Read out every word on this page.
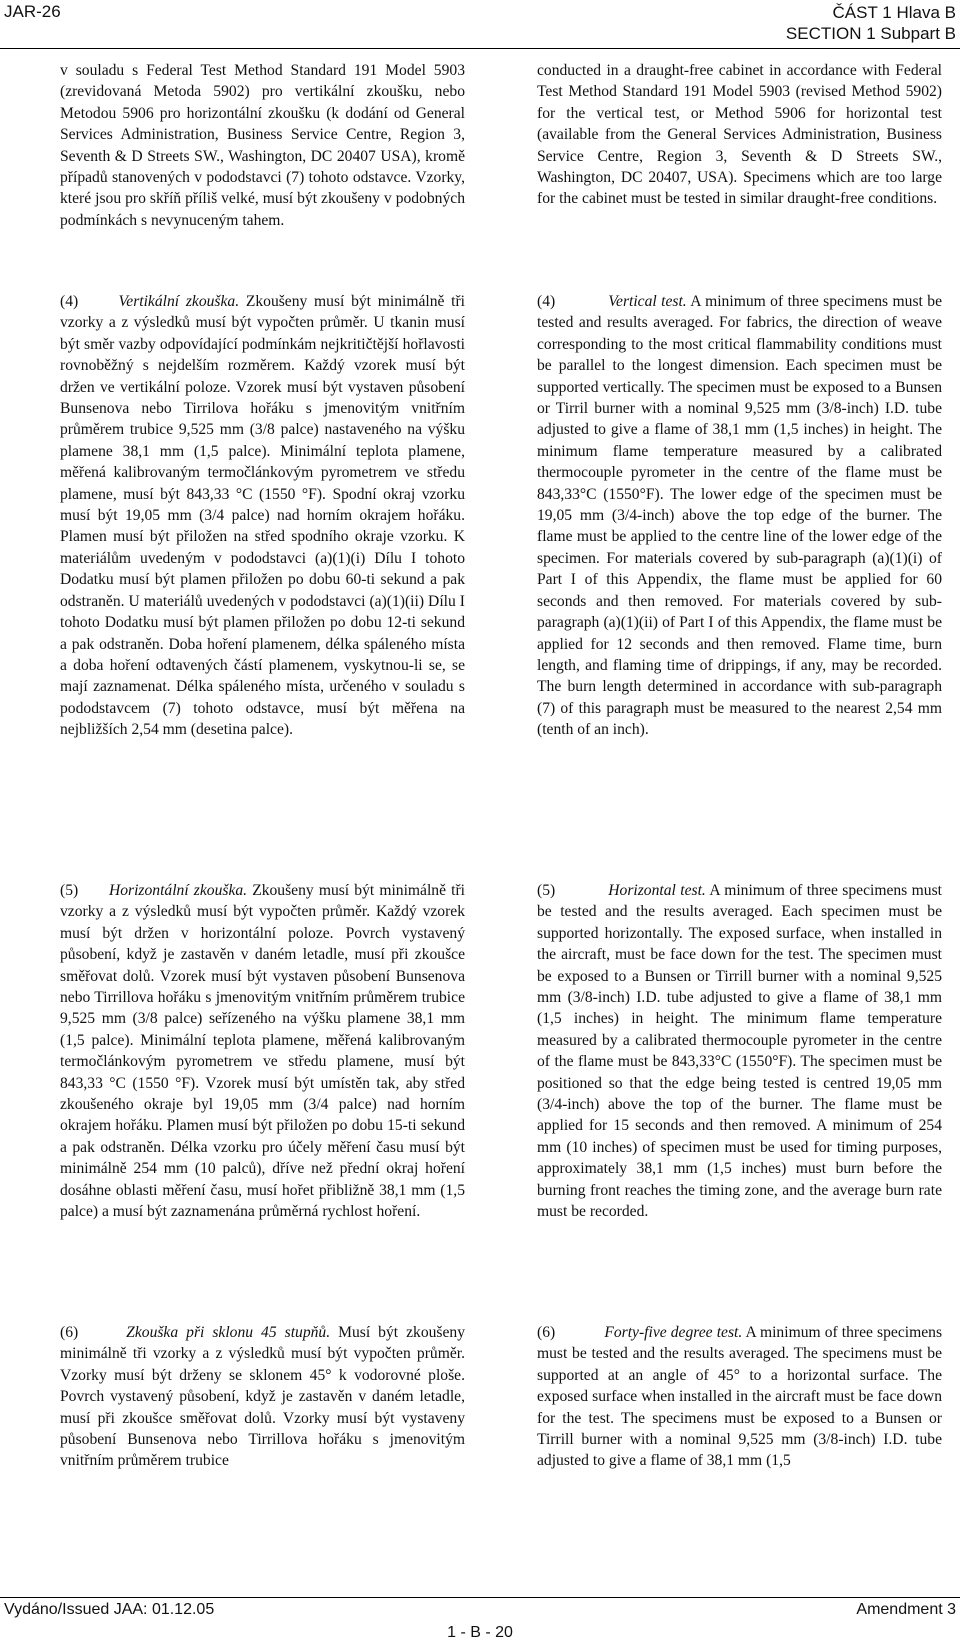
JAR-26	ČÁST 1 Hlava B
SECTION 1 Subpart B

v souladu s Federal Test Method Standard 191 Model 5903 (zrevidovaná Metoda 5902) pro vertikální zkoušku, nebo Metodou 5906 pro horizontální zkoušku (k dodání od General Services Administration, Business Service Centre, Region 3, Seventh & D Streets SW., Washington, DC 20407 USA), kromě případů stanovených v pododstavci (7) tohoto odstavce. Vzorky, které jsou pro skříň příliš velké, musí být zkoušeny v podobných podmínkách s nevynuceným tahem.

(4)	Vertikální zkouška. Zkoušeny musí být minimálně tři vzorky a z výsledků musí být vypočten průměr. U tkanin musí být směr vazby odpovídající podmínkám nejkritičtější hořlavosti rovnoběžný s nejdelším rozměrem. Každý vzorek musí být držen ve vertikální poloze. Vzorek musí být vystaven působení Bunsenova nebo Tirrilova hořáku s jmenovitým vnitřním průměrem trubice 9,525 mm (3/8 palce) nastaveného na výšku plamene 38,1 mm (1,5 palce). Minimální teplota plamene, měřená kalibrovaným termočlánkovým pyrometrem ve středu plamene, musí být 843,33 °C (1550 °F). Spodní okraj vzorku musí být 19,05 mm (3/4 palce) nad horním okrajem hořáku. Plamen musí být přiložen na střed spodního okraje vzorku. K materiálům uvedeným v pododstavci (a)(1)(i) Dílu I tohoto Dodatku musí být plamen přiložen po dobu 60-ti sekund a pak odstraněn. U materiálů uvedených v pododstavci (a)(1)(ii) Dílu I tohoto Dodatku musí být plamen přiložen po dobu 12-ti sekund a pak odstraněn. Doba hoření plamenem, délka spáleného místa a doba hoření odtavených částí plamenem, vyskytnou-li se, se mají zaznamenat. Délka spáleného místa, určeného v souladu s pododstavcem (7) tohoto odstavce, musí být měřena na nejbližších 2,54 mm (desetina palce).

(5) Horizontální zkouška. Zkoušeny musí být minimálně tři vzorky a z výsledků musí být vypočten průměr. Každý vzorek musí být držen v horizontální poloze. Povrch vystavený působení, když je zastavěn v daném letadle, musí při zkoušce směřovat dolů. Vzorek musí být vystaven působení Bunsenova nebo Tirrillova hořáku s jmenovitým vnitřním průměrem trubice 9,525 mm (3/8 palce) seřízeného na výšku plamene 38,1 mm (1,5 palce). Minimální teplota plamene, měřená kalibrovaným termočlánkovým pyrometrem ve středu plamene, musí být 843,33 °C (1550 °F). Vzorek musí být umístěn tak, aby střed zkoušeného okraje byl 19,05 mm (3/4 palce) nad horním okrajem hořáku. Plamen musí být přiložen po dobu 15-ti sekund a pak odstraněn. Délka vzorku pro účely měření času musí být minimálně 254 mm (10 palců), dříve než přední okraj hoření dosáhne oblasti měření času, musí hořet přibližně 38,1 mm (1,5 palce) a musí být zaznamenána průměrná rychlost hoření.

(6)	Zkouška při sklonu 45 stupňů. Musí být zkoušeny minimálně tři vzorky a z výsledků musí být vypočten průměr. Vzorky musí být drženy se sklonem 45° k vodorovné ploše. Povrch vystavený působení, když je zastavěn v daném letadle, musí při zkoušce směřovat dolů. Vzorky musí být vystaveny působení Bunsenova nebo Tirrillova hořáku s jmenovitým vnitřním průměrem trubice

conducted in a draught-free cabinet in accordance with Federal Test Method Standard 191 Model 5903 (revised Method 5902) for the vertical test, or Method 5906 for horizontal test (available from the General Services Administration, Business Service Centre, Region 3, Seventh & D Streets SW., Washington, DC 20407, USA). Specimens which are too large for the cabinet must be tested in similar draught-free conditions.

(4)	Vertical test. A minimum of three specimens must be tested and results averaged. For fabrics, the direction of weave corresponding to the most critical flammability conditions must be parallel to the longest dimension. Each specimen must be supported vertically. The specimen must be exposed to a Bunsen or Tirril burner with a nominal 9,525 mm (3/8-inch) I.D. tube adjusted to give a flame of 38,1 mm (1,5 inches) in height. The minimum flame temperature measured by a calibrated thermocouple pyrometer in the centre of the flame must be 843,33°C (1550°F). The lower edge of the specimen must be 19,05 mm (3/4-inch) above the top edge of the burner. The flame must be applied to the centre line of the lower edge of the specimen. For materials covered by sub-paragraph (a)(1)(i) of Part I of this Appendix, the flame must be applied for 60 seconds and then removed. For materials covered by sub-paragraph (a)(1)(ii) of Part I of this Appendix, the flame must be applied for 12 seconds and then removed. Flame time, burn length, and flaming time of drippings, if any, may be recorded. The burn length determined in accordance with sub-paragraph (7) of this paragraph must be measured to the nearest 2,54 mm (tenth of an inch).

(5)	Horizontal test. A minimum of three specimens must be tested and the results averaged. Each specimen must be supported horizontally. The exposed surface, when installed in the aircraft, must be face down for the test. The specimen must be exposed to a Bunsen or Tirrill burner with a nominal 9,525 mm (3/8-inch) I.D. tube adjusted to give a flame of 38,1 mm (1,5 inches) in height. The minimum flame temperature measured by a calibrated thermocouple pyrometer in the centre of the flame must be 843,33°C (1550°F). The specimen must be positioned so that the edge being tested is centred 19,05 mm (3/4-inch) above the top of the burner. The flame must be applied for 15 seconds and then removed. A minimum of 254 mm (10 inches) of specimen must be used for timing purposes, approximately 38,1 mm (1,5 inches) must burn before the burning front reaches the timing zone, and the average burn rate must be recorded.

(6)	Forty-five degree test. A minimum of three specimens must be tested and the results averaged. The specimens must be supported at an angle of 45° to a horizontal surface. The exposed surface when installed in the aircraft must be face down for the test. The specimens must be exposed to a Bunsen or Tirrill burner with a nominal 9,525 mm (3/8-inch) I.D. tube adjusted to give a flame of 38,1 mm (1,5

Vydáno/Issued JAA: 01.12.05	Amendment 3
1 - B - 20
